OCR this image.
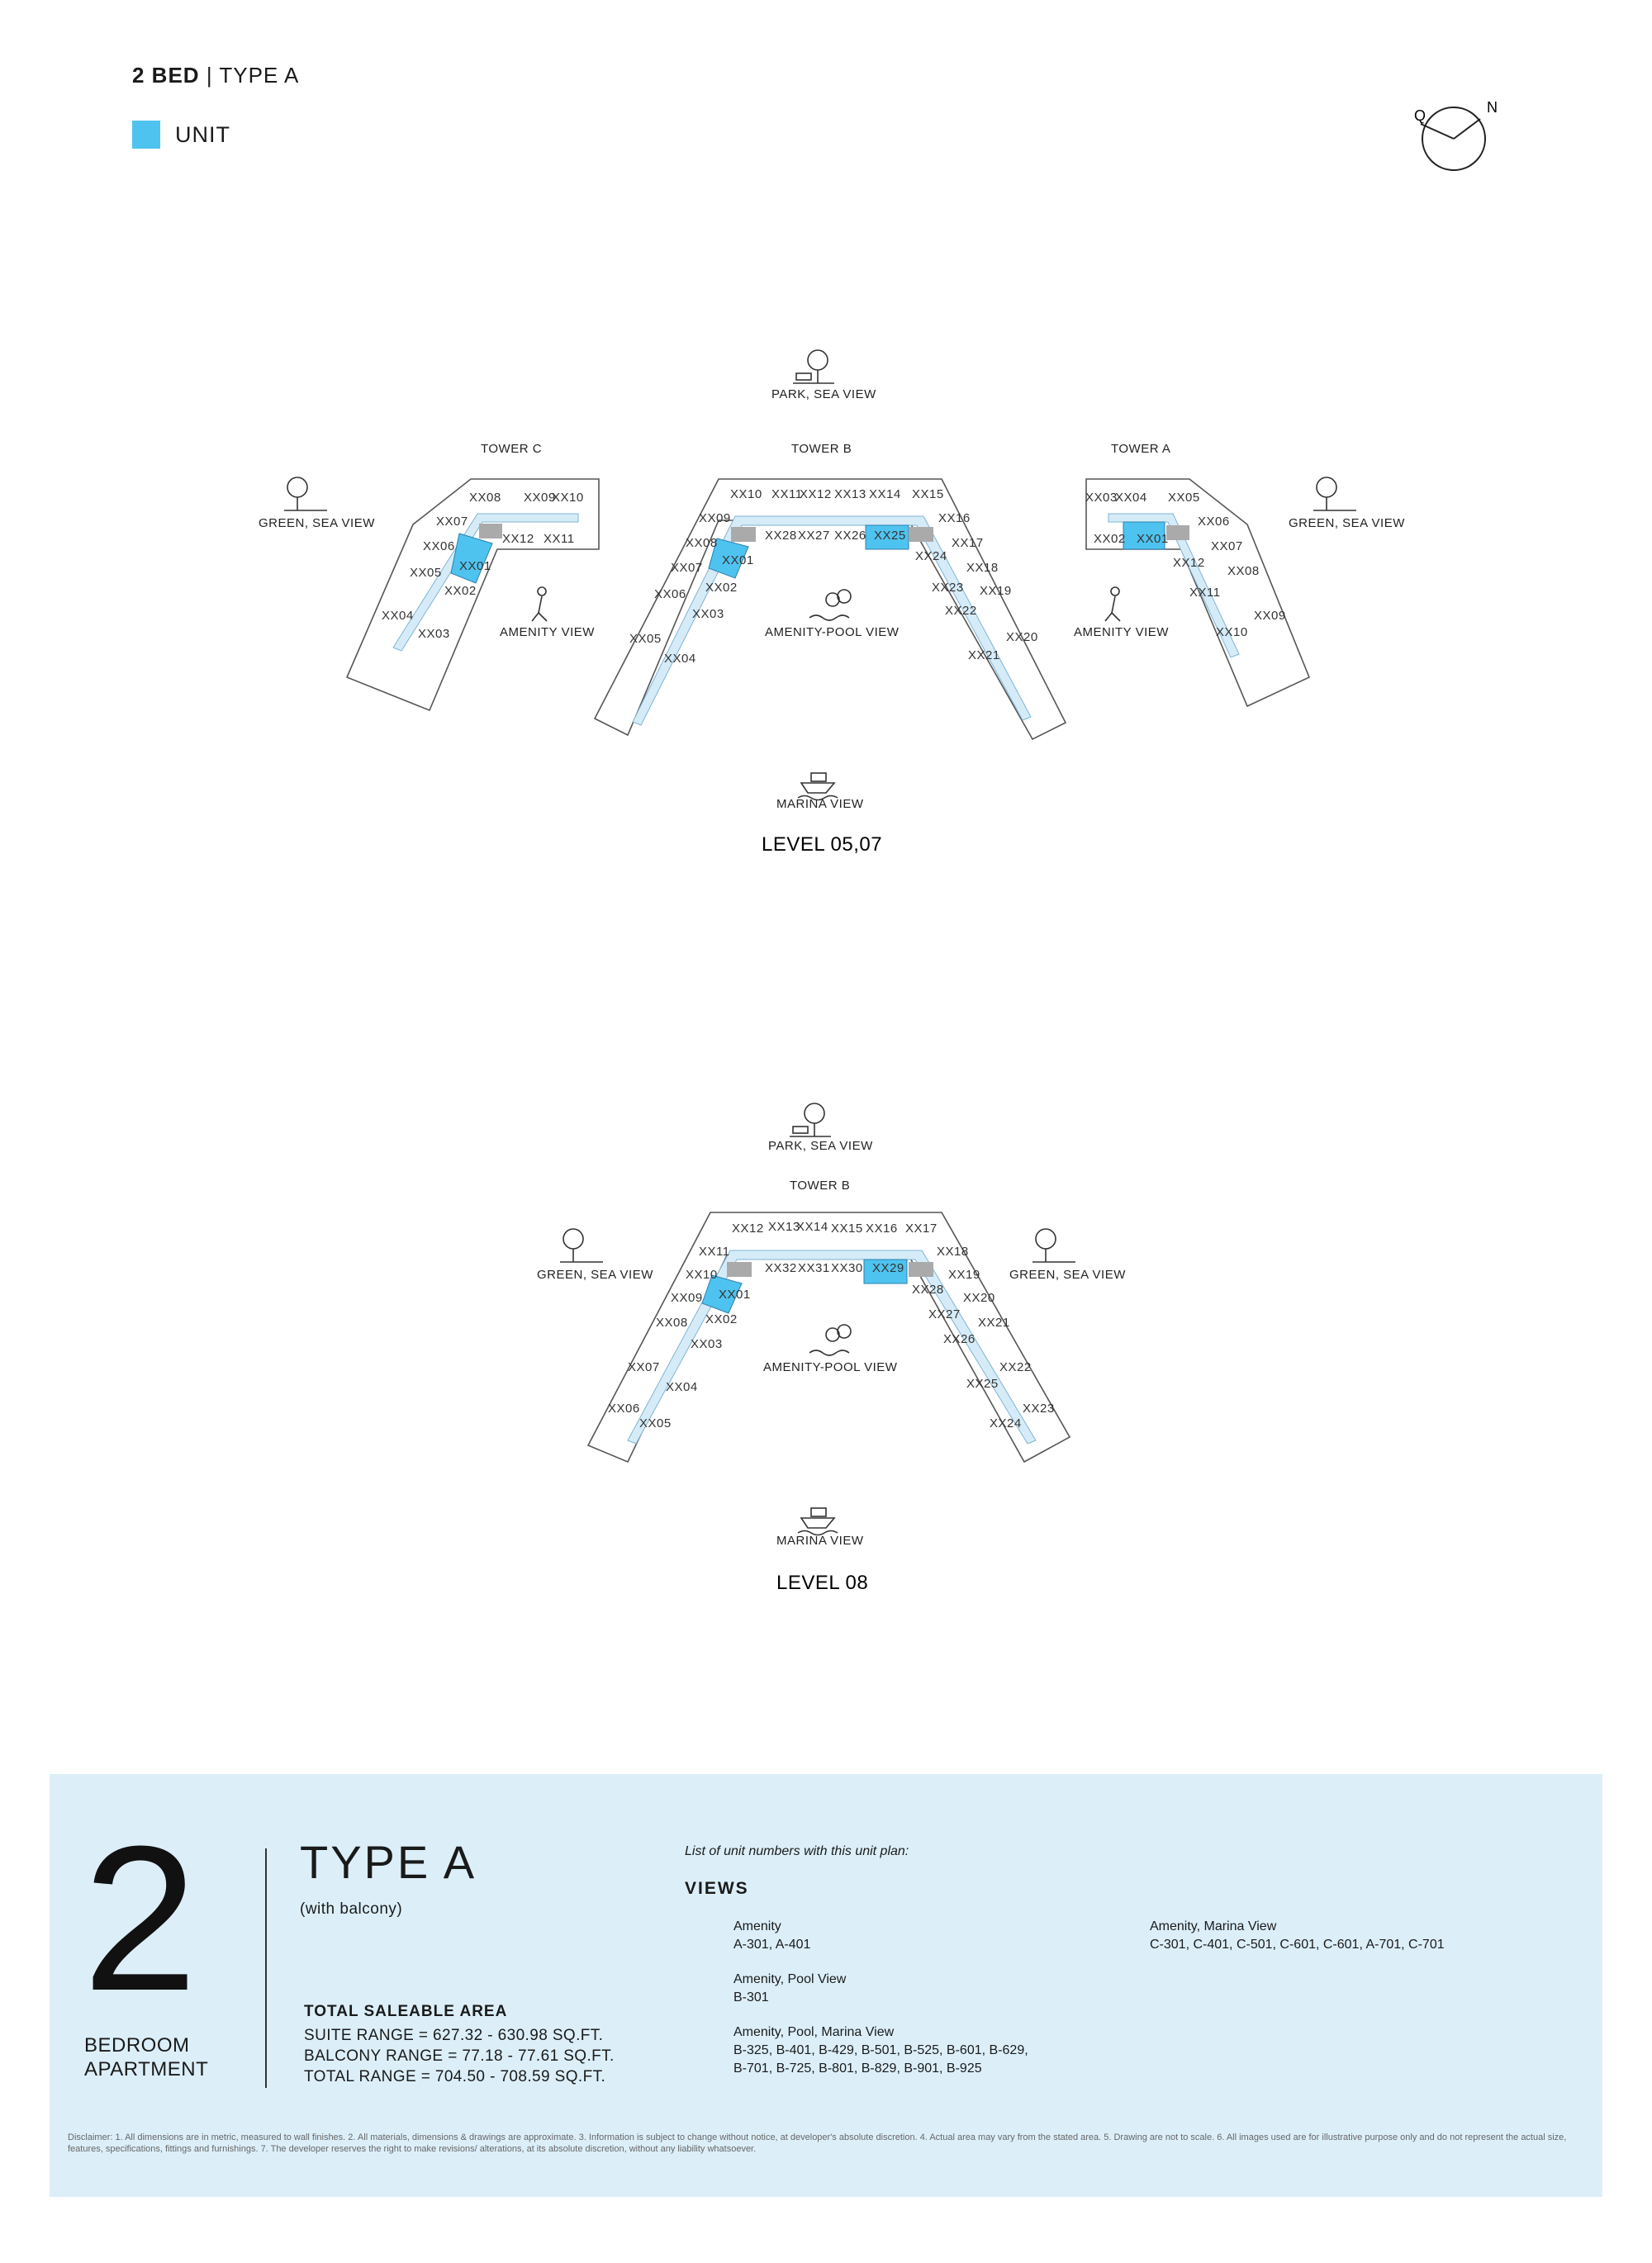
2 BED | TYPE A
UNIT
Q	N
XX08 XX09
XX10
XX07
XX12 XX11
XX06
XX01
XX05
XX02
XX04
XX03
XX10 XX11
XX12 XX13 XX14 XX15
XX28 XX27 XX26 XX25
XX09
XX08
XX07
XX01
XX02
XX06
XX03
XX05
XX04
XX16
XX17
XX24
XX18
XX23 XX19
XX22
XX20
XX21
XX03
XX04 XX05
XX06
XX02 XX01
XX07
XX12
XX08
XX11
XX09
XX10
TOWER C	TOWER B	TOWER A
PARK, SEA VIEW
GREEN, SEA VIEW	GREEN, SEA VIEW
AMENITY VIEW	AMENITY VIEW
AMENITY-POOL VIEW
MARINA VIEW
LEVEL 05,07
XX12 XX13
XX14 XX15 XX16 XX17
XX32 XX31 XX30 XX29
XX11
XX10
XX09 XX01
XX08 XX02
XX03
XX07
XX04
XX06
XX05
XX18
XX19
XX28
XX20
XX27
XX21
XX26
XX22
XX25
XX23
XX24
TOWER B
PARK, SEA VIEW
GREEN, SEA VIEW	GREEN, SEA VIEW
AMENITY-POOL VIEW
MARINA VIEW
LEVEL 08
2
BEDROOM
APARTMENT
TYPE A
(with balcony)
TOTAL SALEABLE AREA
SUITE RANGE = 627.32 - 630.98 SQ.FT.
BALCONY RANGE = 77.18 - 77.61 SQ.FT.
TOTAL RANGE = 704.50 - 708.59 SQ.FT.
List of unit numbers with this unit plan:
VIEWS
Amenity
A-301, A-401
Amenity, Pool View
B-301
Amenity, Pool, Marina View
B-325, B-401, B-429, B-501, B-525, B-601, B-629,
B-701, B-725, B-801, B-829, B-901, B-925
Amenity, Marina View
C-301, C-401, C-501, C-601, C-601, A-701, C-701
Disclaimer: 1. All dimensions are in metric, measured to wall finishes. 2. All materials, dimensions & drawings are approximate. 3. Information is subject to change without notice, at developer's absolute discretion. 4. Actual area may vary from the stated area. 5. Drawing are not to scale. 6. All images used are for illustrative purpose only and do not represent the actual size, features, specifications, fittings and furnishings. 7. The developer reserves the right to make revisions/ alterations, at its absolute discretion, without any liability whatsoever.
